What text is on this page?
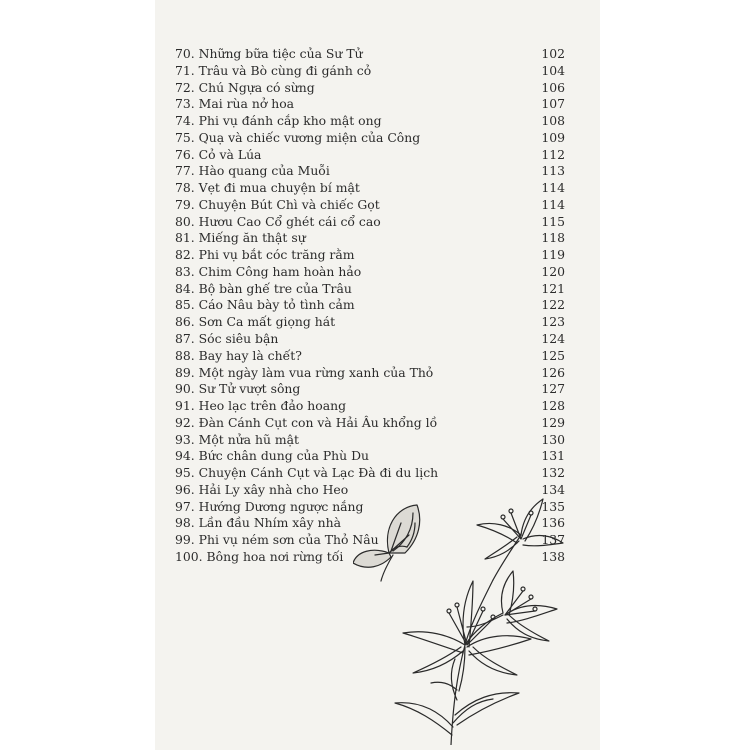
70. Những bữa tiệc của Sư Tử	102
71. Trâu và Bò cùng đi gánh cỏ	104
72. Chú Ngựa có sừng	106
73. Mai rùa nở hoa	107
74. Phi vụ đánh cắp kho mật ong	108
75. Quạ và chiếc vương miện của Công	109
76. Cỏ và Lúa	112
77. Hào quang của Muỗi	113
78. Vẹt đi mua chuyện bí mật	114
79. Chuyện Bút Chì và chiếc Gọt	114
80. Hươu Cao Cổ ghét cái cổ cao	115
81. Miếng ăn thật sự	118
82. Phi vụ bắt cóc trăng rằm	119
83. Chim Công ham hoàn hảo	120
84. Bộ bàn ghế tre của Trâu	121
85. Cáo Nâu bày tỏ tình cảm	122
86. Sơn Ca mất giọng hát	123
87. Sóc siêu bận	124
88. Bay hay là chết?	125
89. Một ngày làm vua rừng xanh của Thỏ	126
90. Sư Tử vượt sông	127
91. Heo lạc trên đảo hoang	128
92. Đàn Cánh Cụt con và Hải Âu khổng lồ	129
93. Một nửa hũ mật	130
94. Bức chân dung của Phù Du	131
95. Chuyện Cánh Cụt và Lạc Đà đi du lịch	132
96. Hải Ly xây nhà cho Heo	134
97. Hướng Dương ngược nắng	135
98. Lần đầu Nhím xây nhà	136
99. Phi vụ ném sơn của Thỏ Nâu	137
100. Bông hoa nơi rừng tối	138
